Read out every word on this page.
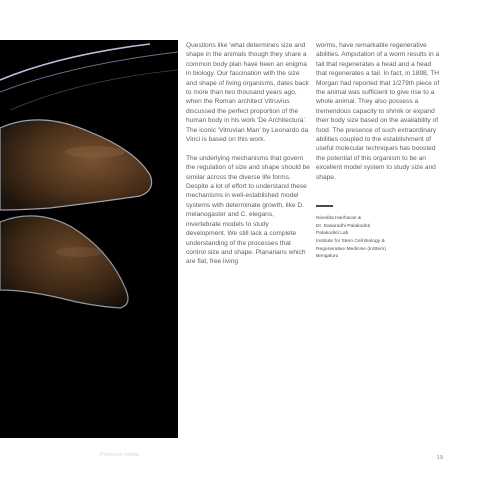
Planarian media

Questions like 'what determines size and shape in the animals though they share a common body plan have been an enigma in biology. Our fascination with the size and shape of living organisms, dates back to more than two thousand years ago, when the Roman architect Vitruvius discussed the perfect proportion of the human body in his work 'De Architectura'. The iconic 'Vitruvian Man' by Leonardo da Vinci is based on this work.

The underlying mechanisms that govern the regulation of size and shape should be similar across the diverse life forms. Despite a lot of effort to understand these mechanisms in well-established model systems with determinate growth, like D. melanogaster and C. elegans, invertebrate models to study development. We still lack a complete understanding of the processes that control size and shape. Planarians which are flat, free living

worms, have remarkable regenerative abilities. Amputation of a worm results in a tail that regenerates a head and a head that regenerates a tail. In fact, in 1898, TH Morgan had reported that 1/279th piece of the animal was sufficient to give rise to a whole animal. They also possess a tremendous capacity to shrink or expand their body size based on the availability of food. The presence of such extraordinary abilities coupled to the establishment of useful molecular techniques has boosted the potential of this organism to be an excellent model system to study size and shape.

Nivedita Hariharan &
Dr. Dasaradhi Palakodeti
Palakodeti Lab
Institute for Stem Cell Biology &
Regenerative Medicine (inStem)
Bengaluru
19
